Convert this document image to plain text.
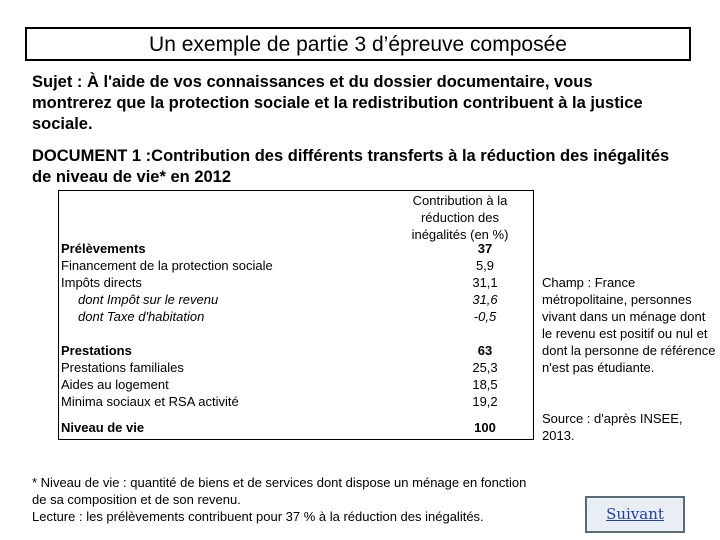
Un exemple de partie 3 d’épreuve composée
Sujet : À l'aide de vos connaissances et du dossier documentaire, vous montrerez que la protection sociale et la redistribution contribuent à la justice sociale.
DOCUMENT 1 :Contribution des différents transferts à la réduction des inégalités de niveau de vie* en 2012
Contribution à la réduction des inégalités (en %)
Prélèvements
Financement de la protection sociale
Impôts directs
dont Impôt sur le revenu
dont Taxe d'habitation
Prestations
Prestations familiales
Aides au logement
Minima sociaux et RSA activité
Niveau de vie
37
5,9
31,1
31,6
-0,5
63
25,3
18,5
19,2
100
Champ : France métropolitaine, personnes vivant dans un ménage dont le revenu est positif ou nul et dont la personne de référence n'est pas étudiante.
Source : d'après INSEE, 2013.
* Niveau de vie : quantité de biens et de services dont dispose un ménage en fonction de sa composition et de son revenu.
Lecture : les prélèvements contribuent pour 37 % à la réduction des inégalités.	Suivant
